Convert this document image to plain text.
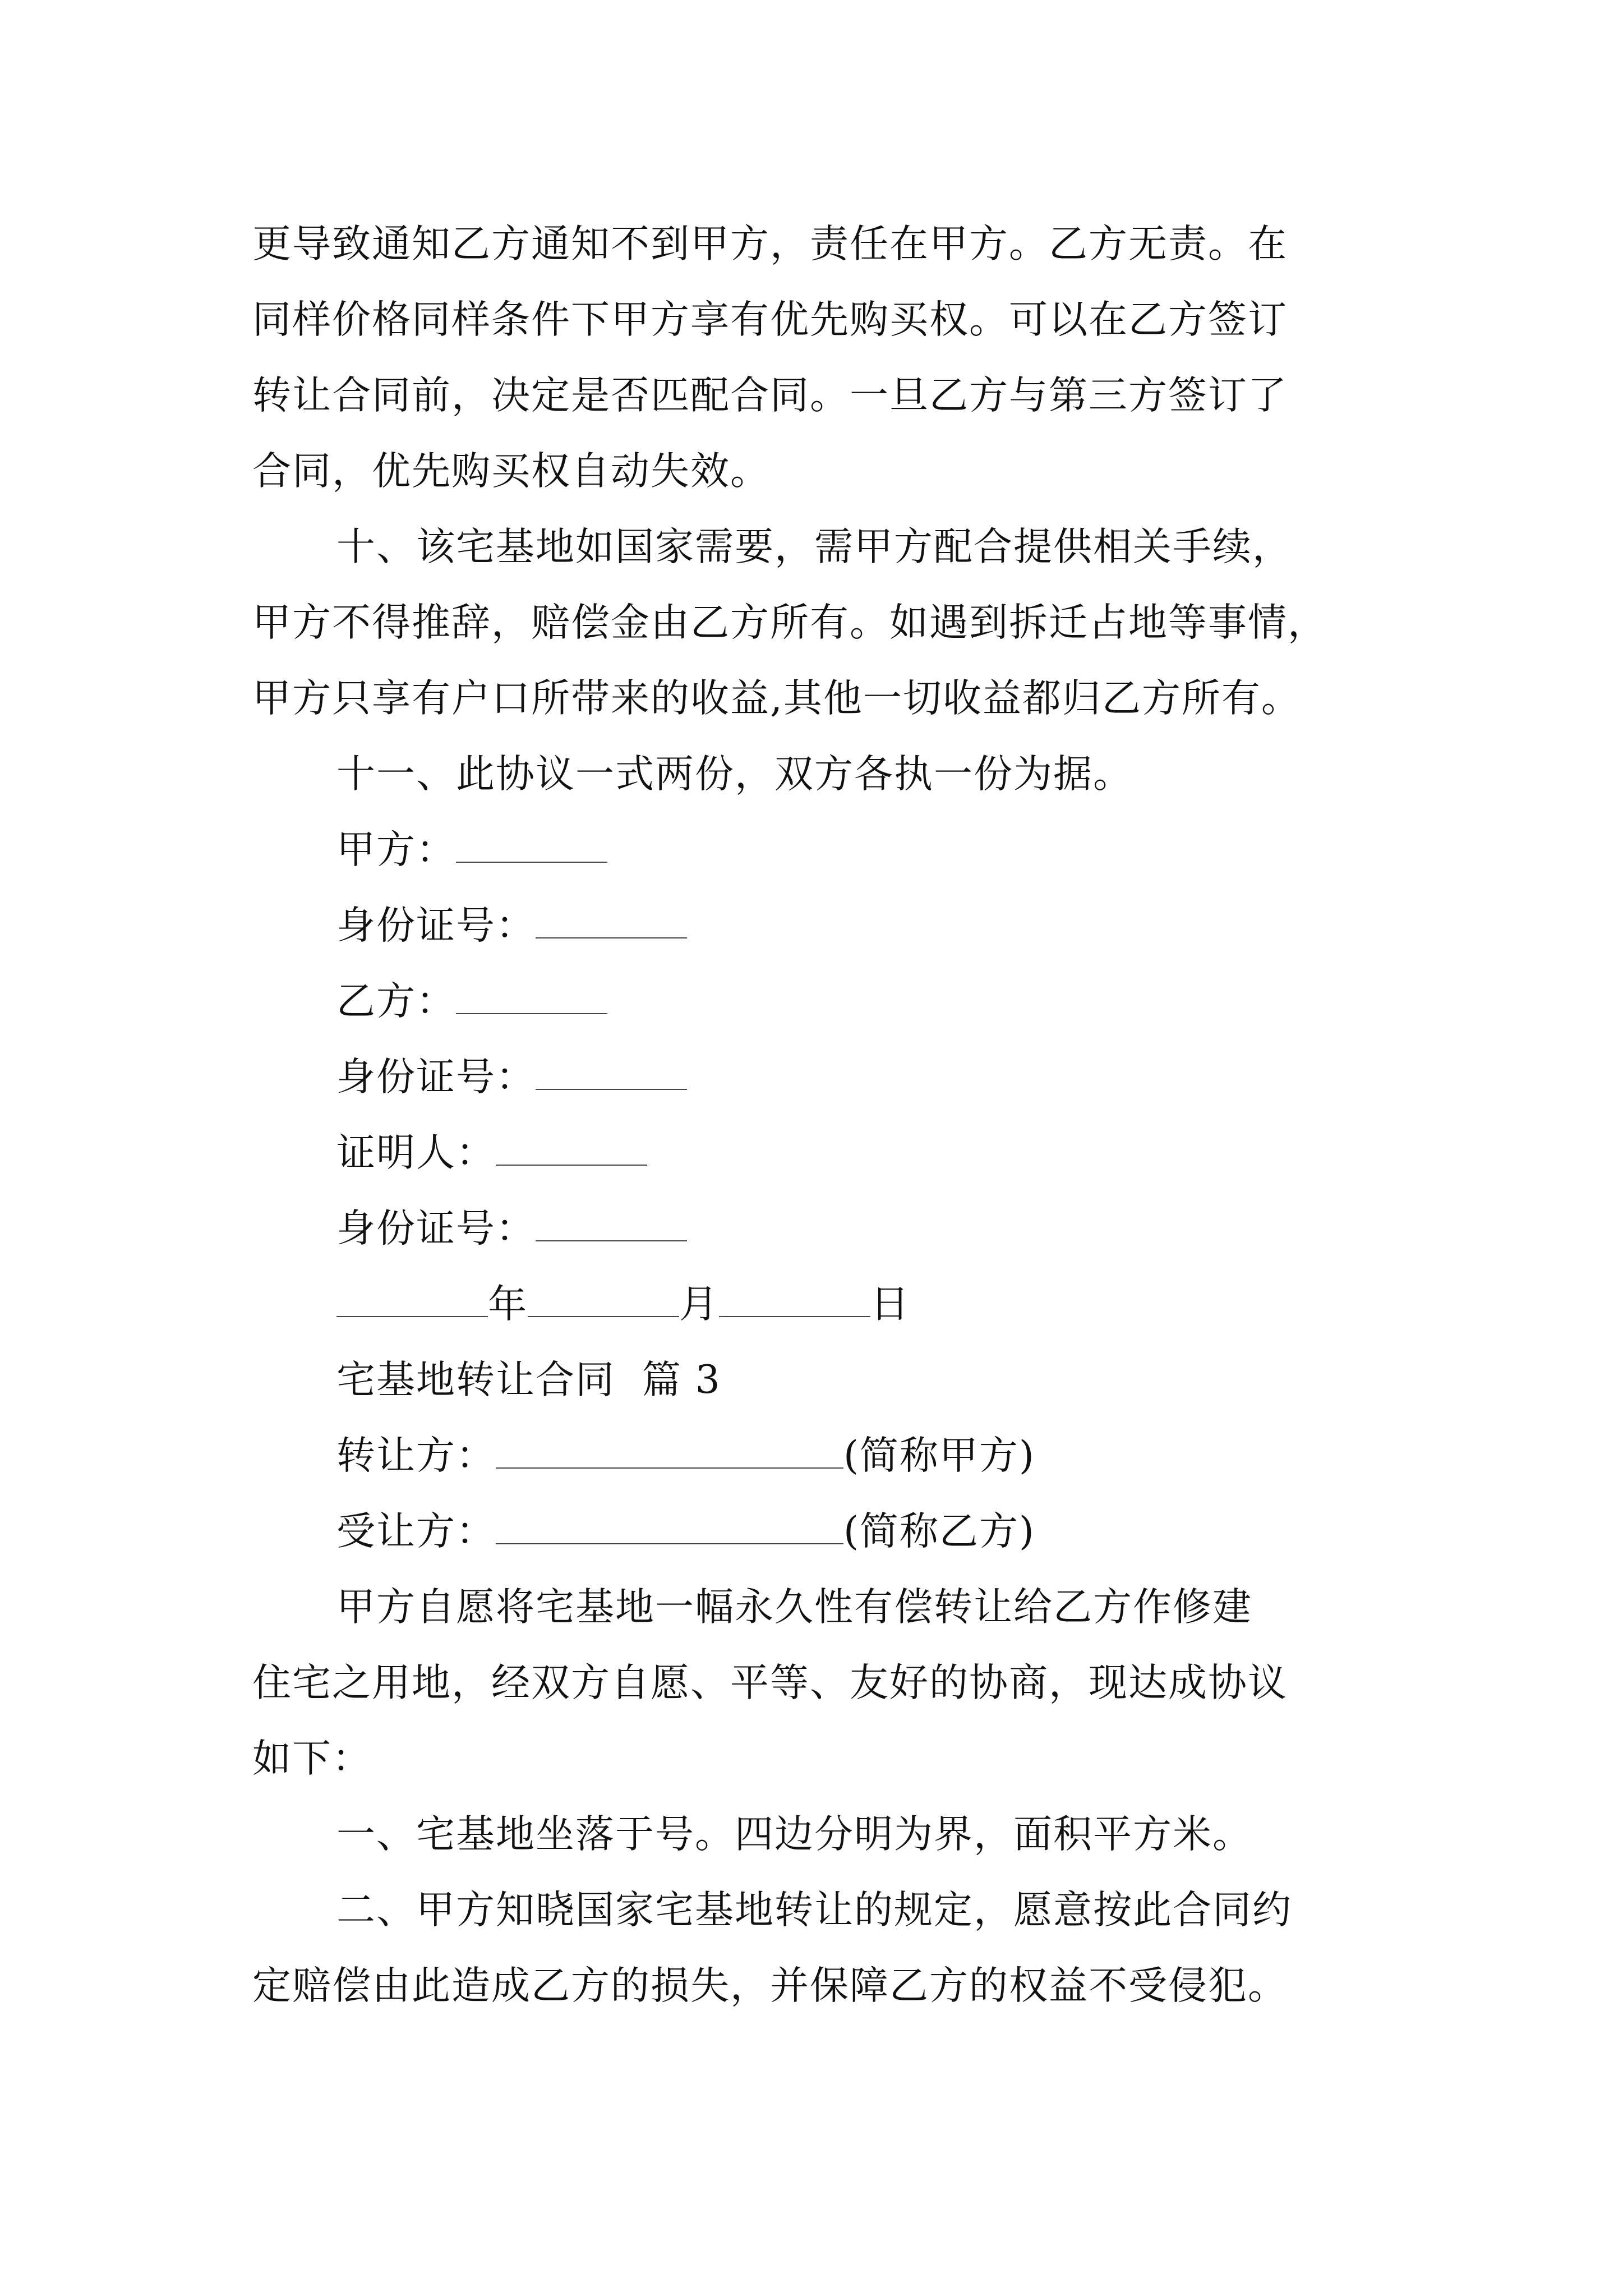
更导致通知乙方通知不到甲方，责任在甲方。乙方无责。在
同样价格同样条件下甲方享有优先购买权。可以在乙方签订
转让合同前，决定是否匹配合同。一旦乙方与第三方签订了
合同，优先购买权自动失效。
十、该宅基地如国家需要，需甲方配合提供相关手续，
甲方不得推辞，赔偿金由乙方所有。如遇到拆迁占地等事情，
甲方只享有户口所带来的收益,其他一切收益都归乙方所有。
十一、此协议一式两份，双方各执一份为据。
甲方：
身份证号：
乙方：
身份证号：
证明人：
身份证号：
年	月	日
宅基地转让合同  篇 3
转让方：	(简称甲方)
受让方：	(简称乙方)
甲方自愿将宅基地一幅永久性有偿转让给乙方作修建
住宅之用地，经双方自愿、平等、友好的协商，现达成协议
如下：
一、宅基地坐落于号。四边分明为界，面积平方米。
二、甲方知晓国家宅基地转让的规定，愿意按此合同约
定赔偿由此造成乙方的损失，并保障乙方的权益不受侵犯。
